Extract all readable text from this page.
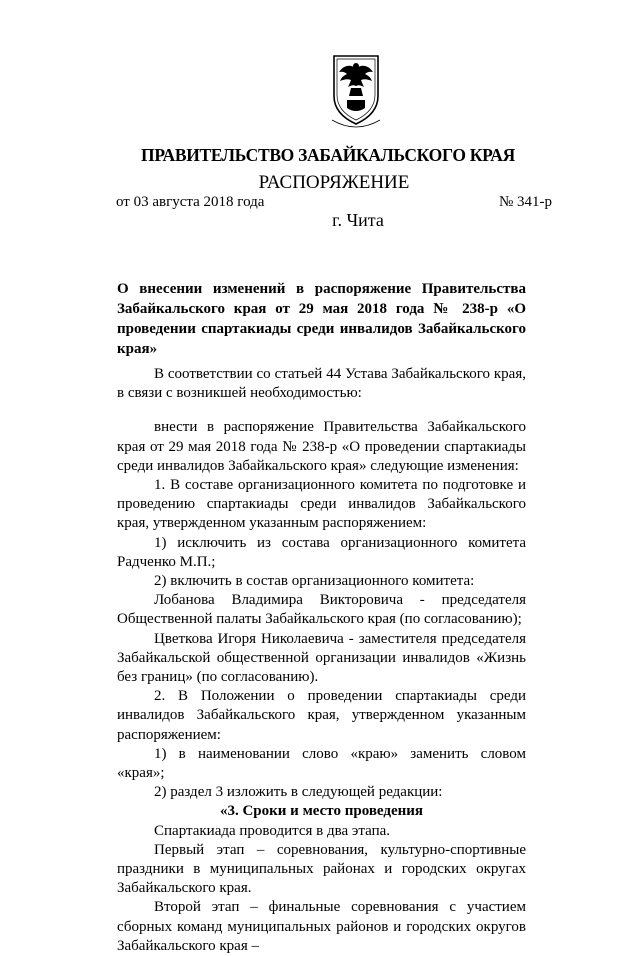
ПРАВИТЕЛЬСТВО ЗАБАЙКАЛЬСКОГО КРАЯ
РАСПОРЯЖЕНИЕ
от 03 августа 2018 года	№ 341-р
г. Чита
О внесении изменений в распоряжение Правительства Забайкальского края от 29 мая 2018 года № 238-р «О проведении спартакиады среди инвалидов Забайкальского края»

В соответствии со статьей 44 Устава Забайкальского края, в связи с возникшей необходимостью:

внести в распоряжение Правительства Забайкальского края от 29 мая 2018 года № 238-р «О проведении спартакиады среди инвалидов Забайкальского края» следующие изменения:

1. В составе организационного комитета по подготовке и проведению спартакиады среди инвалидов Забайкальского края, утвержденном указанным распоряжением:

1) исключить из состава организационного комитета Радченко М.П.;

2) включить в состав организационного комитета:

Лобанова Владимира Викторовича - председателя Общественной палаты Забайкальского края (по согласованию);

Цветкова Игоря Николаевича - заместителя председателя Забайкальской общественной организации инвалидов «Жизнь без границ» (по согласованию).

2. В Положении о проведении спартакиады среди инвалидов Забайкальского края, утвержденном указанным распоряжением:

1) в наименовании слово «краю» заменить словом «края»;

2) раздел 3 изложить в следующей редакции:

«3. Сроки и место проведения

Спартакиада проводится в два этапа.

Первый этап – соревнования, культурно-спортивные праздники в муниципальных районах и городских округах Забайкальского края.

Второй этап – финальные соревнования с участием сборных команд муниципальных районов и городских округов Забайкальского края –
